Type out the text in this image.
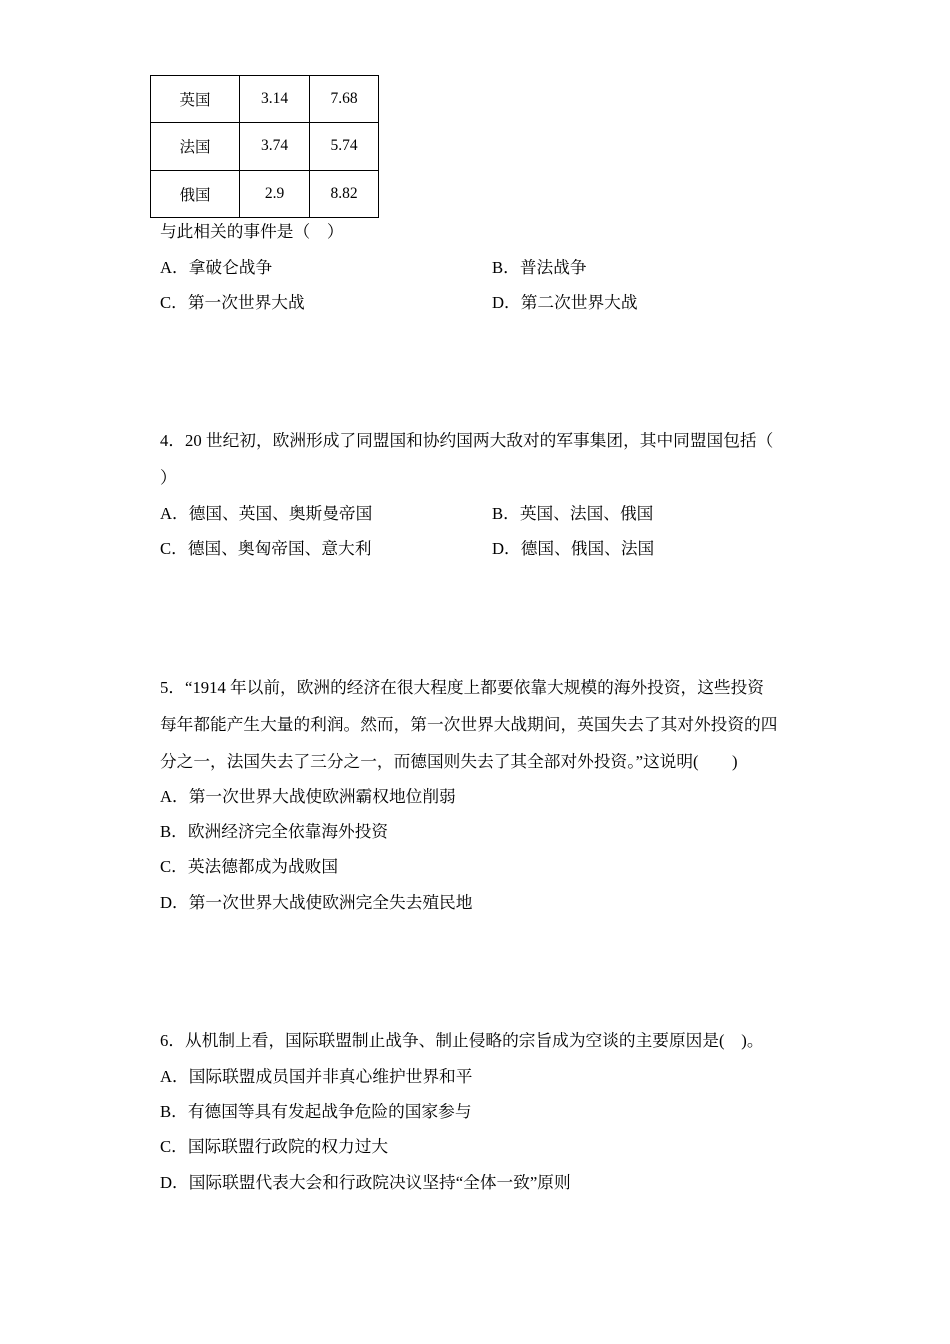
英国	3.14	7.68
法国	3.74	5.74
俄国	2.9	8.82
与此相关的事件是（　）
A．拿破仑战争	B．普法战争
C．第一次世界大战	D．第二次世界大战
4．20 世纪初，欧洲形成了同盟国和协约国两大敌对的军事集团，其中同盟国包括（
）
A．德国、英国、奥斯曼帝国	B．英国、法国、俄国
C．德国、奥匈帝国、意大利	D．德国、俄国、法国
5．“1914 年以前，欧洲的经济在很大程度上都要依靠大规模的海外投资，这些投资
每年都能产生大量的利润。然而，第一次世界大战期间，英国失去了其对外投资的四
分之一，法国失去了三分之一，而德国则失去了其全部对外投资。”这说明(　　)
A．第一次世界大战使欧洲霸权地位削弱
B．欧洲经济完全依靠海外投资
C．英法德都成为战败国
D．第一次世界大战使欧洲完全失去殖民地
6．从机制上看，国际联盟制止战争、制止侵略的宗旨成为空谈的主要原因是(　)。
A．国际联盟成员国并非真心维护世界和平
B．有德国等具有发起战争危险的国家参与
C．国际联盟行政院的权力过大
D．国际联盟代表大会和行政院决议坚持“全体一致”原则
